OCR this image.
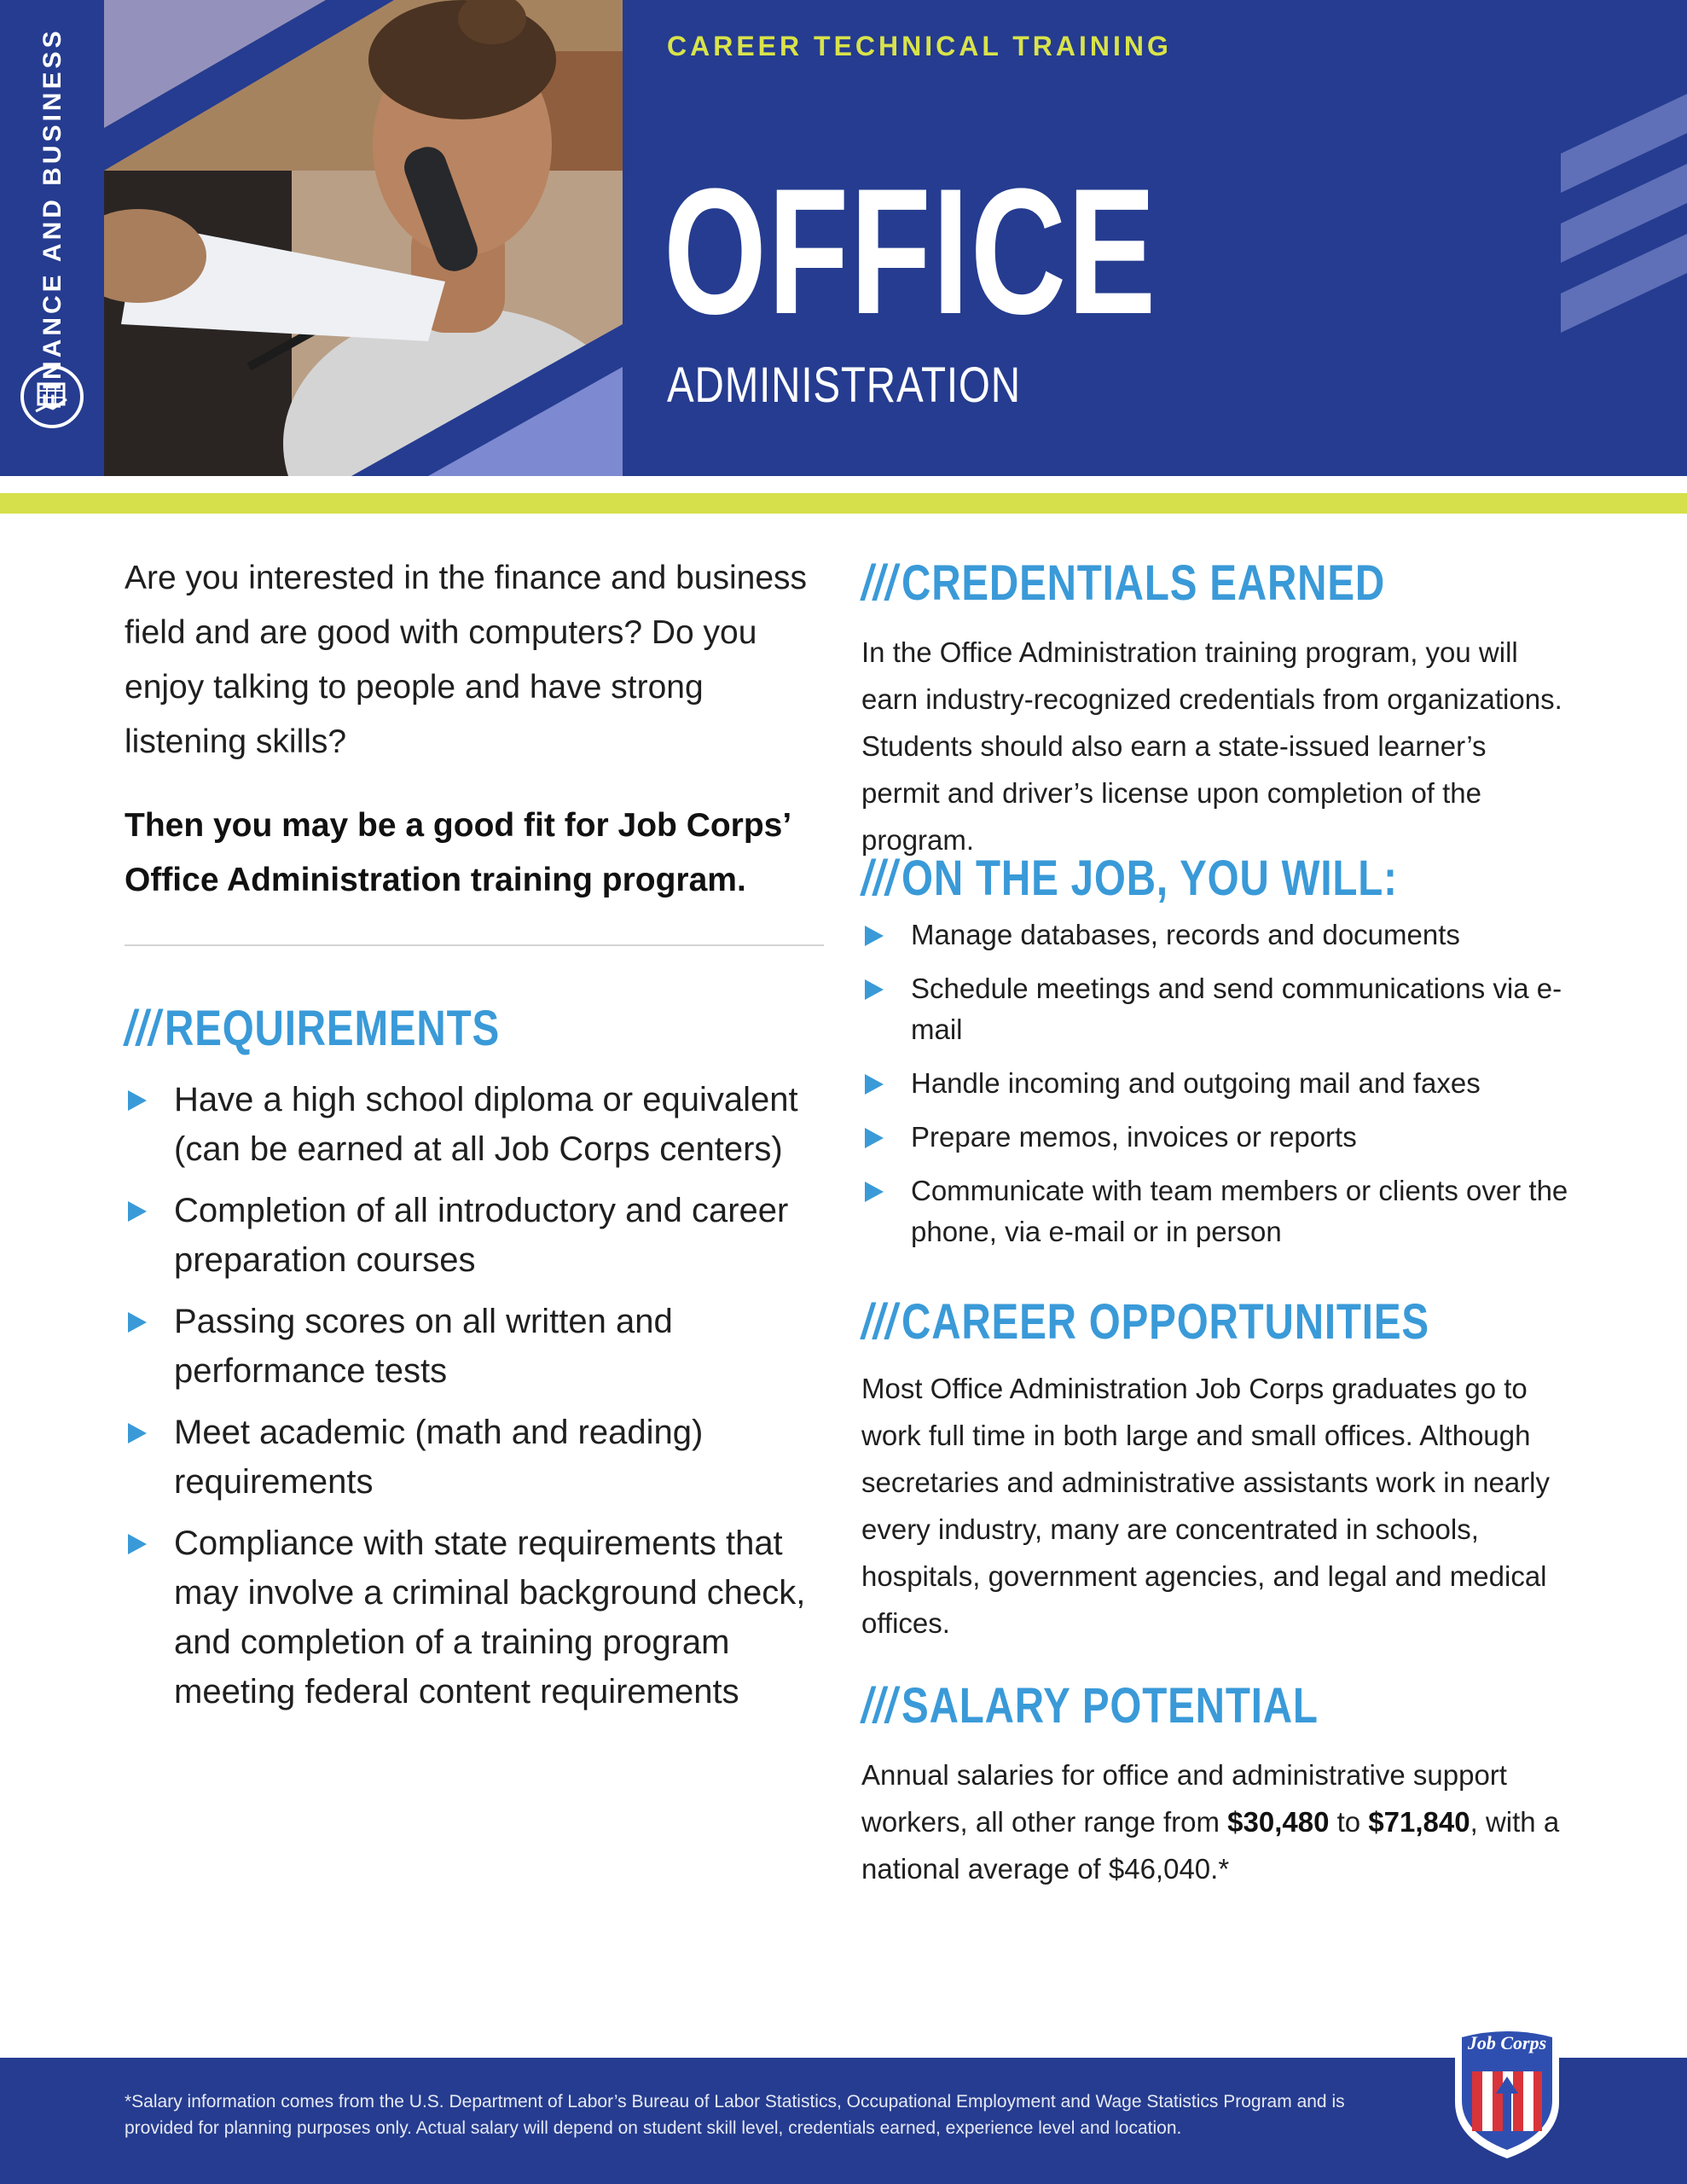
FINANCE AND BUSINESS	CAREER TECHNICAL TRAINING
OFFICE
ADMINISTRATION
Are you interested in the finance and business field and are good with computers? Do you enjoy talking to people and have strong listening skills?
Then you may be a good fit for Job Corps’ Office Administration training program.
///REQUIREMENTS
Have a high school diploma or equivalent (can be earned at all Job Corps centers)
Completion of all introductory and career preparation courses
Passing scores on all written and performance tests
Meet academic (math and reading) requirements
Compliance with state requirements that may involve a criminal background check, and completion of a training program meeting federal content requirements
///CREDENTIALS EARNED
In the Office Administration training program, you will earn industry-recognized credentials from organizations. Students should also earn a state-issued learner’s permit and driver’s license upon completion of the program.
///ON THE JOB, YOU WILL:
Manage databases, records and documents
Schedule meetings and send communications via e-mail
Handle incoming and outgoing mail and faxes
Prepare memos, invoices or reports
Communicate with team members or clients over the phone, via e-mail or in person
///CAREER OPPORTUNITIES
Most Office Administration Job Corps graduates go to work full time in both large and small offices. Although secretaries and administrative assistants work in nearly every industry, many are concentrated in schools, hospitals, government agencies, and legal and medical offices.
///SALARY POTENTIAL
Annual salaries for office and administrative support workers, all other range from $30,480 to $71,840, with a national average of $46,040.*
*Salary information comes from the U.S. Department of Labor’s Bureau of Labor Statistics, Occupational Employment and Wage Statistics Program and is provided for planning purposes only. Actual salary will depend on student skill level, credentials earned, experience level and location.
Job Corps
